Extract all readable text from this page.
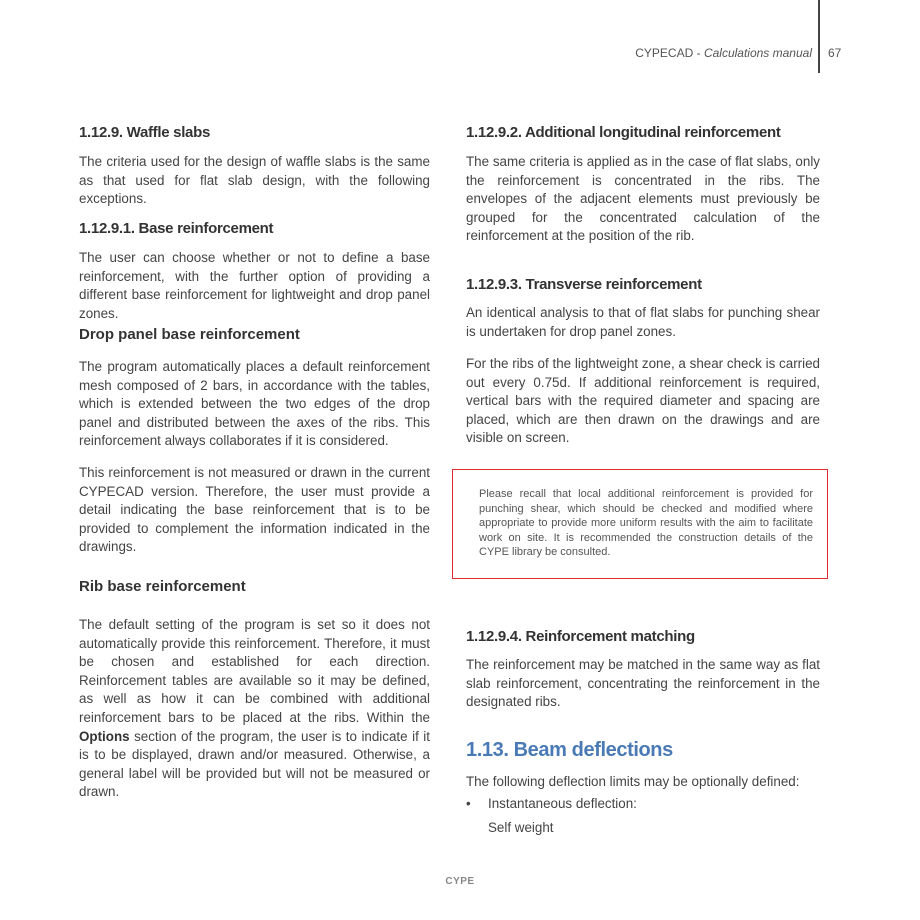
CYPECAD - Calculations manual 67
1.12.9. Waffle slabs
The criteria used for the design of waffle slabs is the same as that used for flat slab design, with the following exceptions.
1.12.9.1. Base reinforcement
The user can choose whether or not to define a base reinforcement, with the further option of providing a different base reinforcement for lightweight and drop panel zones.
Drop panel base reinforcement
The program automatically places a default reinforcement mesh composed of 2 bars, in accordance with the tables, which is extended between the two edges of the drop panel and distributed between the axes of the ribs. This reinforcement always collaborates if it is considered.
This reinforcement is not measured or drawn in the current CYPECAD version. Therefore, the user must provide a detail indicating the base reinforcement that is to be provided to complement the information indicated in the drawings.
Rib base reinforcement
The default setting of the program is set so it does not automatically provide this reinforcement. Therefore, it must be chosen and established for each direction. Reinforcement tables are available so it may be defined, as well as how it can be combined with additional reinforcement bars to be placed at the ribs. Within the Options section of the program, the user is to indicate if it is to be displayed, drawn and/or measured. Otherwise, a general label will be provided but will not be measured or drawn.
1.12.9.2. Additional longitudinal reinforcement
The same criteria is applied as in the case of flat slabs, only the reinforcement is concentrated in the ribs. The envelopes of the adjacent elements must previously be grouped for the concentrated calculation of the reinforcement at the position of the rib.
1.12.9.3. Transverse reinforcement
An identical analysis to that of flat slabs for punching shear is undertaken for drop panel zones.
For the ribs of the lightweight zone, a shear check is carried out every 0.75d. If additional reinforcement is required, vertical bars with the required diameter and spacing are placed, which are then drawn on the drawings and are visible on screen.
Please recall that local additional reinforcement is provided for punching shear, which should be checked and modified where appropriate to provide more uniform results with the aim to facilitate work on site. It is recommended the construction details of the CYPE library be consulted.
1.12.9.4. Reinforcement matching
The reinforcement may be matched in the same way as flat slab reinforcement, concentrating the reinforcement in the designated ribs.
1.13. Beam deflections
The following deflection limits may be optionally defined:
• Instantaneous deflection:
Self weight
CYPE
